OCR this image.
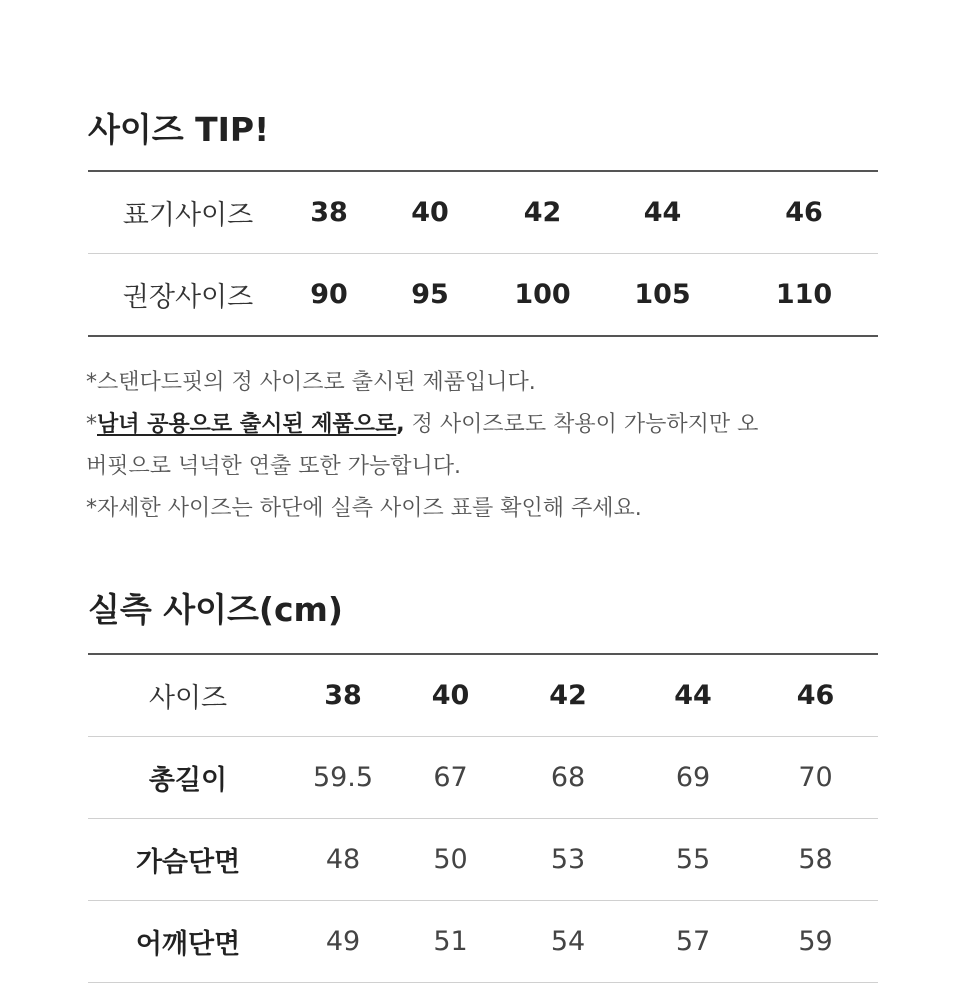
사이즈 TIP!
표기사이즈	38	40	42	44	46
권장사이즈	90	95	100	105	110

*스탠다드핏의 정 사이즈로 출시된 제품입니다.

*남녀 공용으로 출시된 제품으로, 정 사이즈로도 착용이 가능하지만 오

버핏으로 넉넉한 연출 또한 가능합니다.

*자세한 사이즈는 하단에 실측 사이즈 표를 확인해 주세요.

실측 사이즈(cm)
사이즈	38	40	42	44	46
총길이	59.5	67	68	69	70
가슴단면	48	50	53	55	58
어깨단면	49	51	54	57	59
